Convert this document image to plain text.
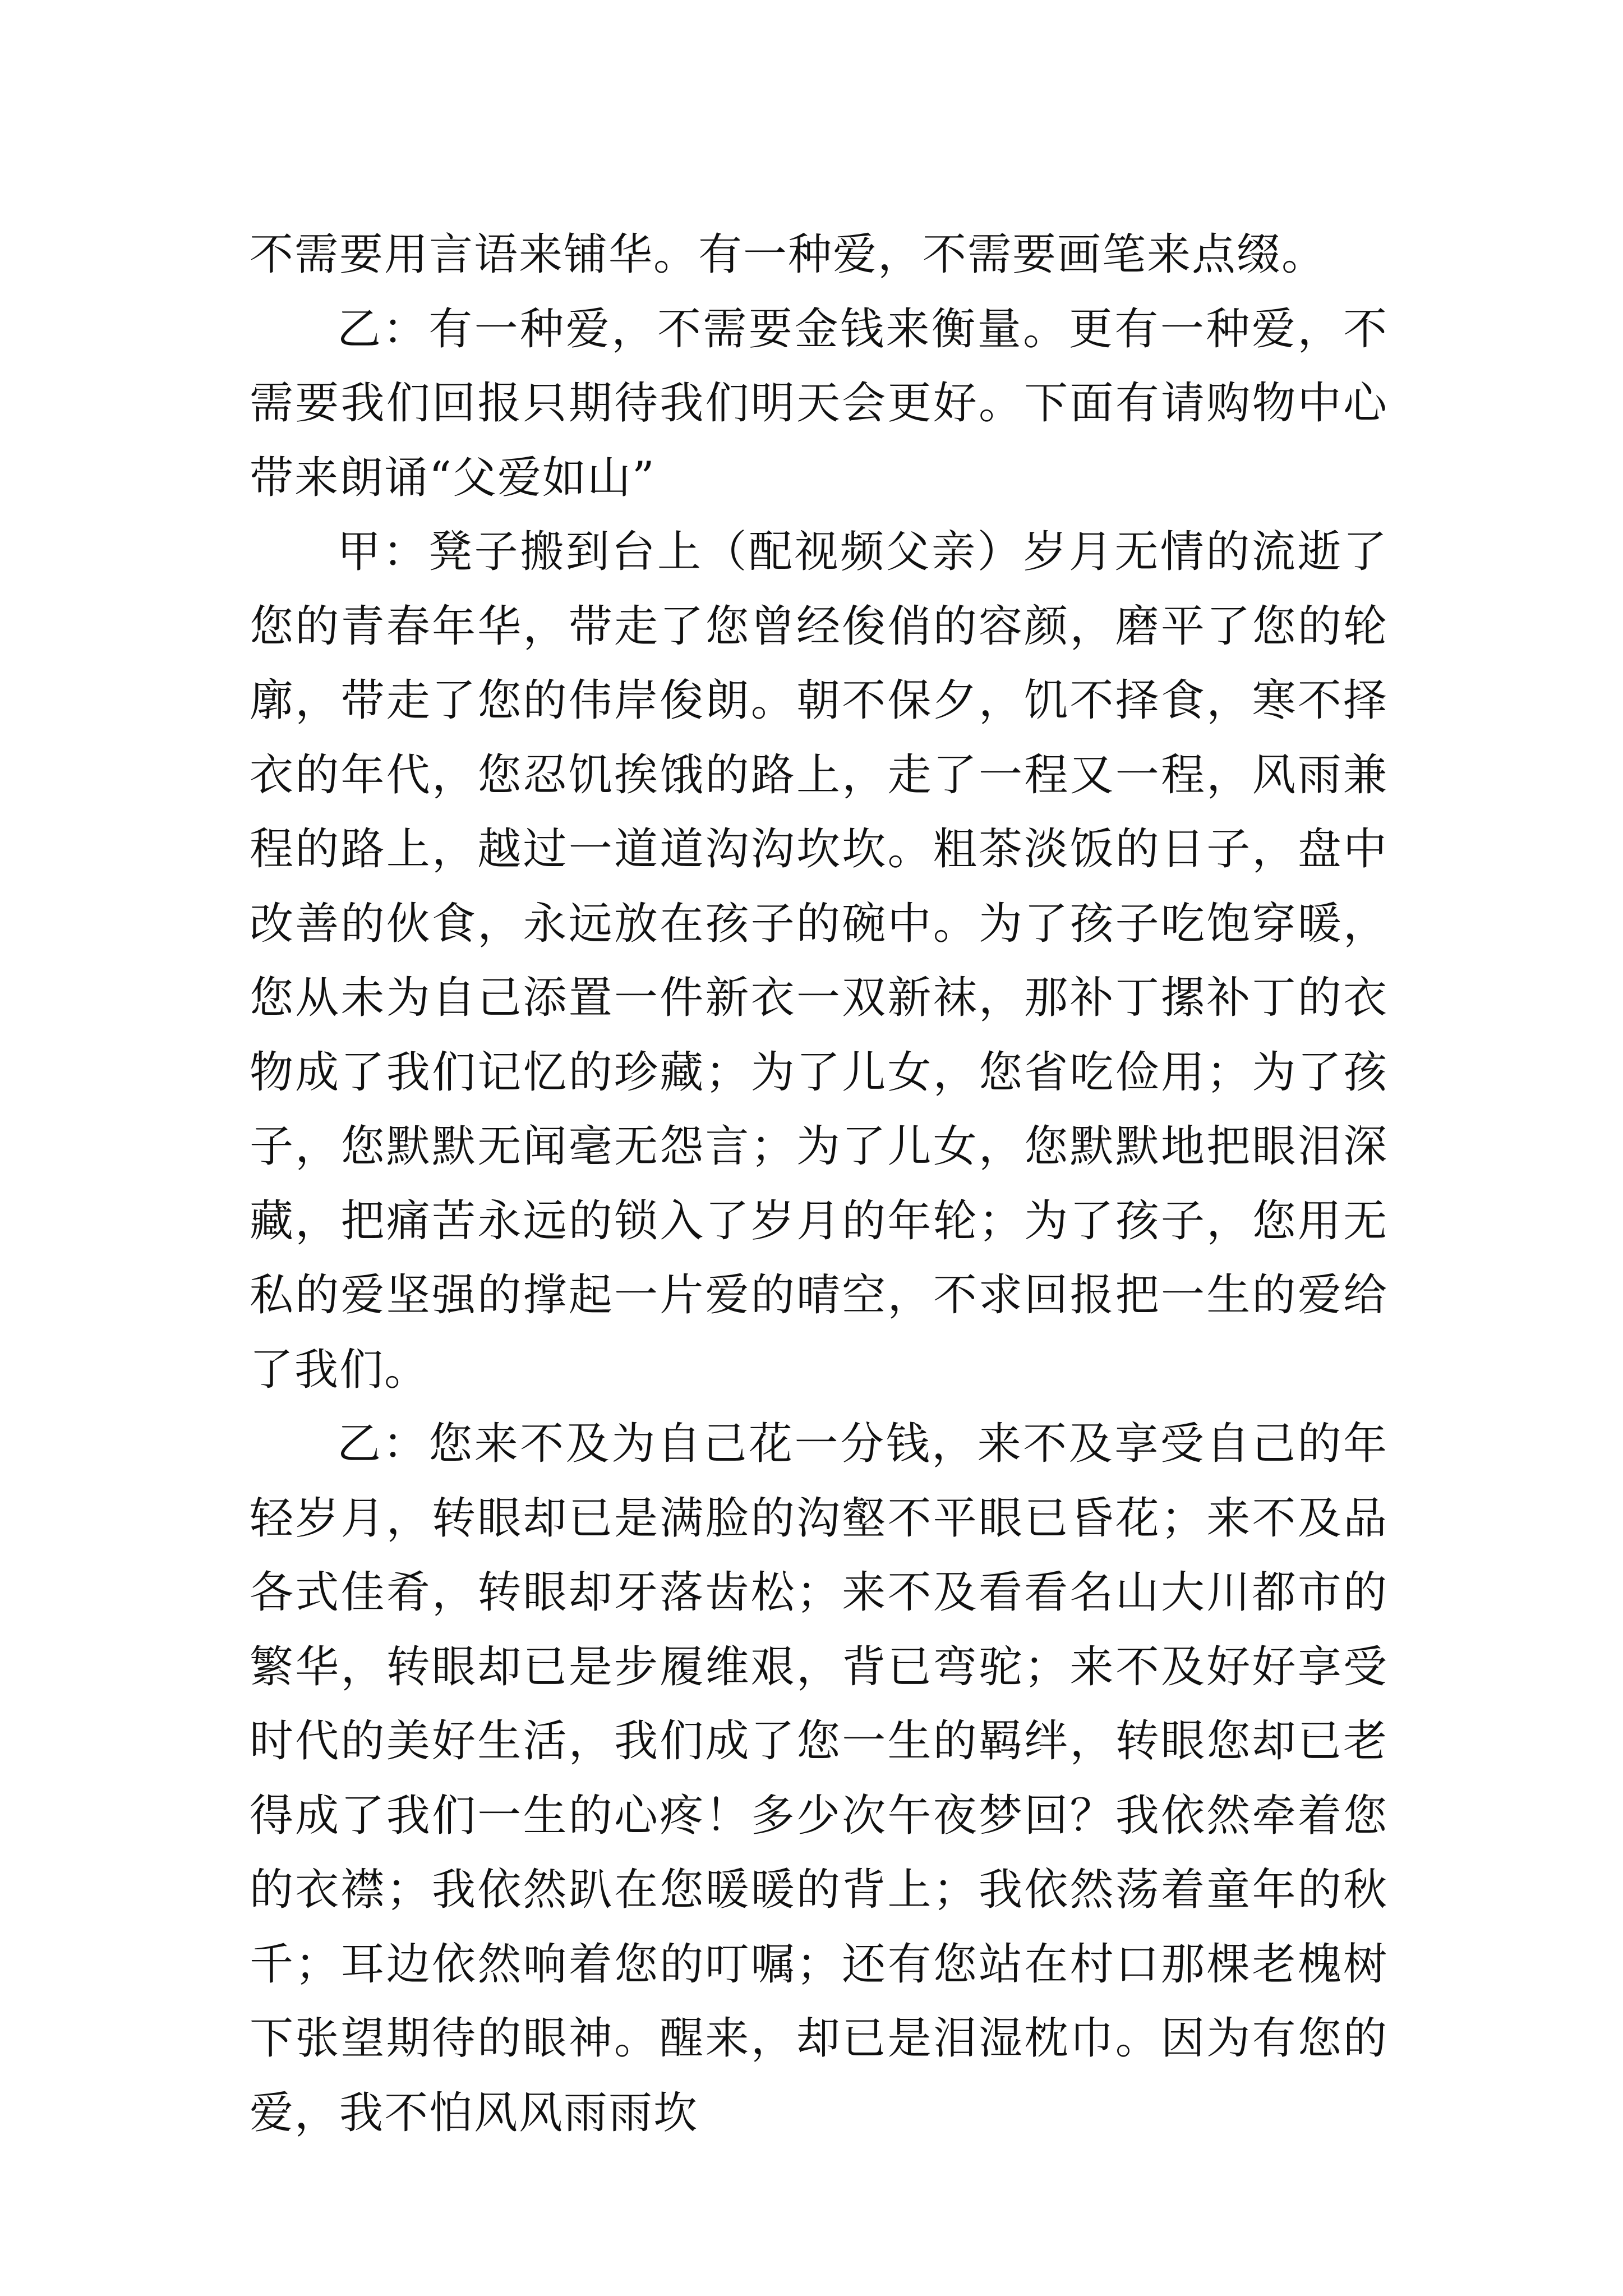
不需要用言语来铺华。有一种爱，不需要画笔来点缀。

乙：有一种爱，不需要金钱来衡量。更有一种爱，不需要我们回报只期待我们明天会更好。下面有请购物中心带来朗诵“父爱如山”

甲：凳子搬到台上（配视频父亲）岁月无情的流逝了您的青春年华，带走了您曾经俊俏的容颜，磨平了您的轮廓，带走了您的伟岸俊朗。朝不保夕，饥不择食，寒不择衣的年代，您忍饥挨饿的路上，走了一程又一程，风雨兼程的路上，越过一道道沟沟坎坎。粗茶淡饭的日子，盘中改善的伙食，永远放在孩子的碗中。为了孩子吃饱穿暖，您从未为自己添置一件新衣一双新袜，那补丁摞补丁的衣物成了我们记忆的珍藏；为了儿女，您省吃俭用；为了孩子，您默默无闻毫无怨言；为了儿女，您默默地把眼泪深藏，把痛苦永远的锁入了岁月的年轮；为了孩子，您用无私的爱坚强的撑起一片爱的晴空，不求回报把一生的爱给了我们。

乙：您来不及为自己花一分钱，来不及享受自己的年轻岁月，转眼却已是满脸的沟壑不平眼已昏花；来不及品各式佳肴，转眼却牙落齿松；来不及看看名山大川都市的繁华，转眼却已是步履维艰，背已弯驼；来不及好好享受时代的美好生活，我们成了您一生的羁绊，转眼您却已老得成了我们一生的心疼！多少次午夜梦回？我依然牵着您的衣襟；我依然趴在您暖暖的背上；我依然荡着童年的秋千；耳边依然响着您的叮嘱；还有您站在村口那棵老槐树下张望期待的眼神。醒来，却已是泪湿枕巾。因为有您的爱，我不怕风风雨雨坎
